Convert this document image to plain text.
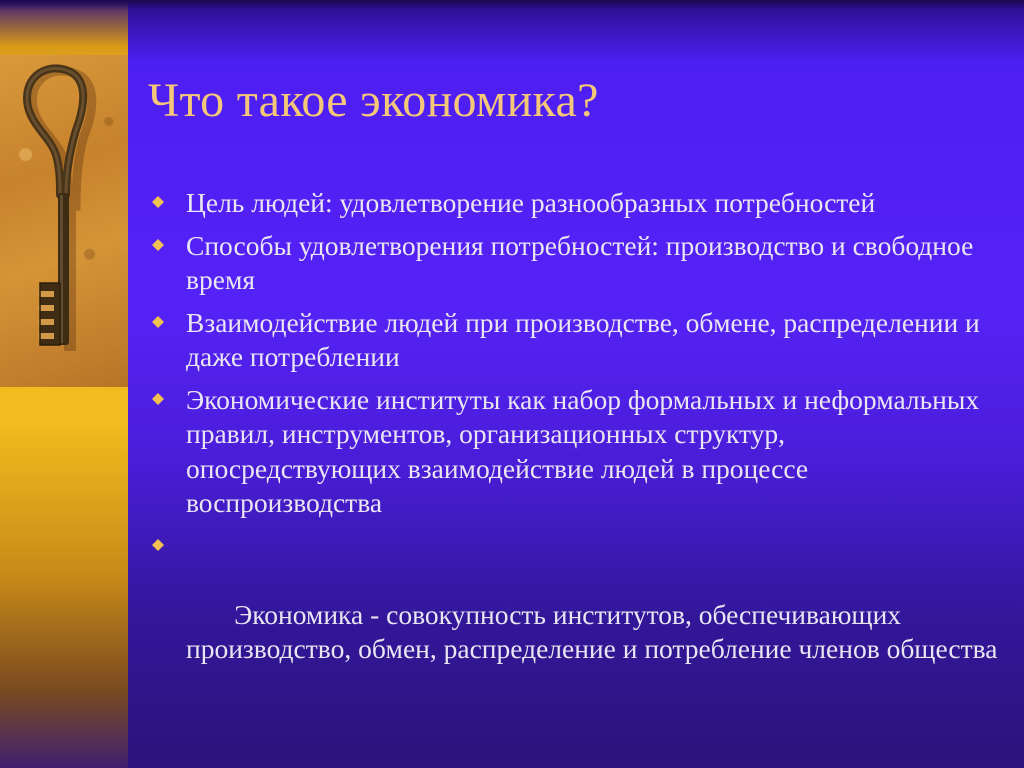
Что такое экономика?
Цель людей: удовлетворение разнообразных потребностей
Способы удовлетворения потребностей: производство и свободное время
Взаимодействие людей при производстве, обмене, распределении и даже потреблении
Экономические институты как набор формальных и неформальных правил, инструментов, организационных структур, опосредствующих взаимодействие людей в процессе воспроизводства

Экономика - совокупность институтов, обеспечивающих производство, обмен, распределение и потребление членов общества
